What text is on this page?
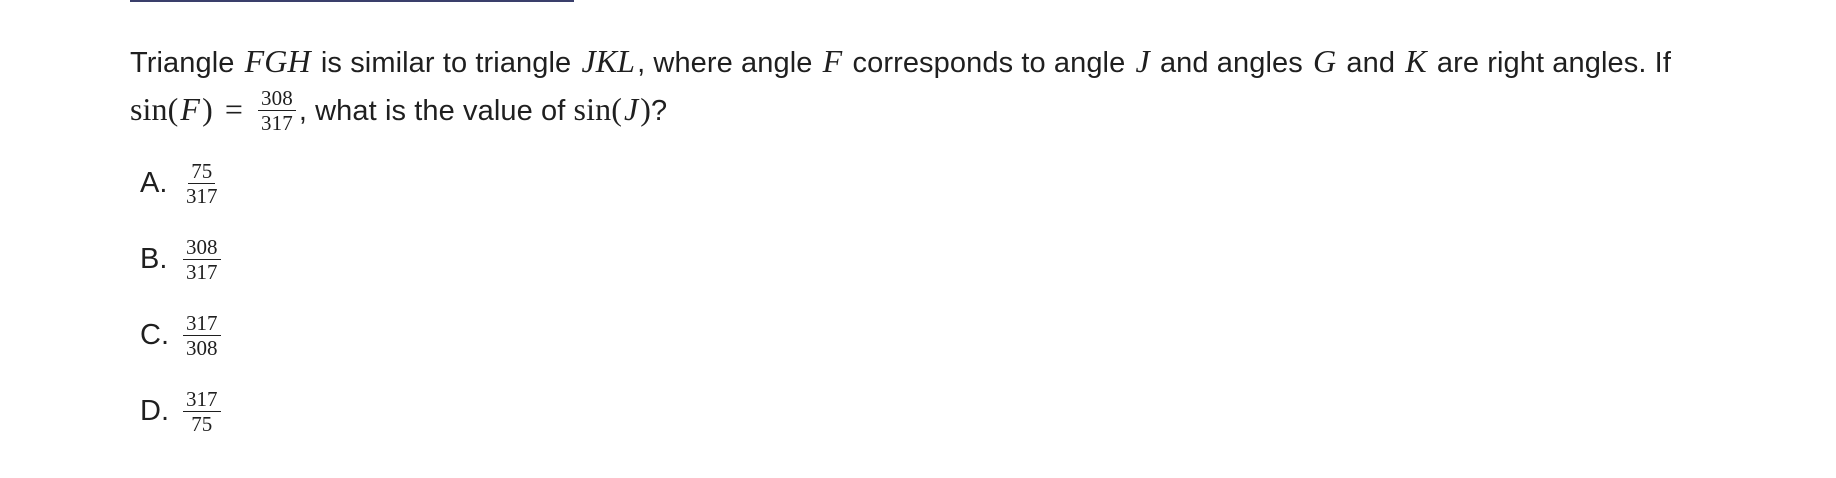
Triangle FGH is similar to triangle JKL, where angle F corresponds to angle J and angles G and K are right angles. If $\sin(F) = \frac{308}{317}$ , what is the value of sin(J)?
A. $\frac{75}{317}$
B. $\frac{308}{317}$
C. $\frac{317}{308}$
D. $\frac{317}{75}$
